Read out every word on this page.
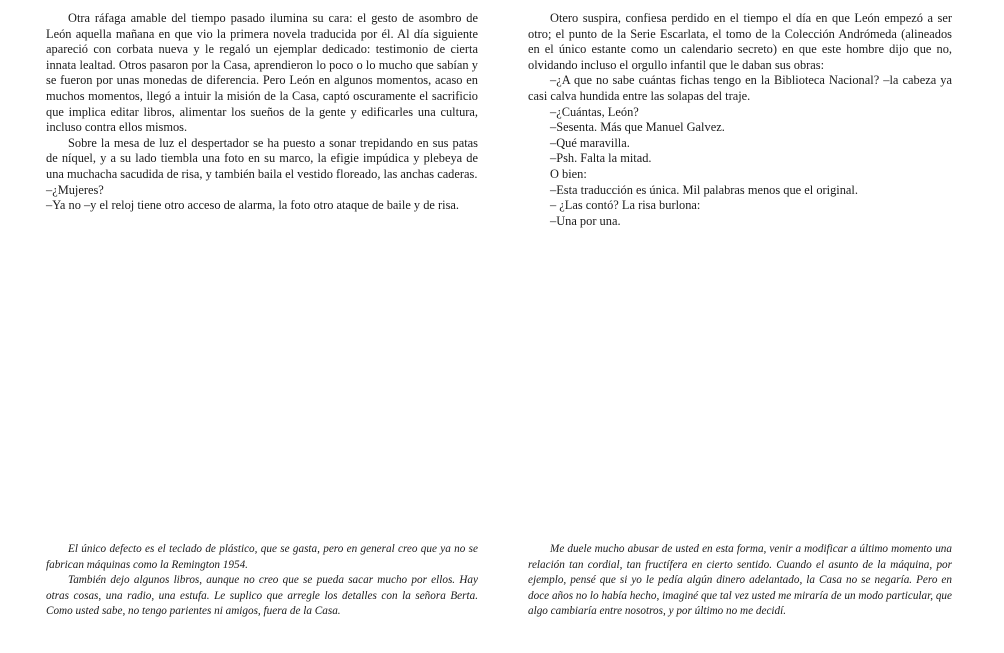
Otra ráfaga amable del tiempo pasado ilumina su cara: el gesto de asombro de León aquella mañana en que vio la primera novela traducida por él. Al día siguiente apareció con corbata nueva y le regaló un ejemplar dedicado: testimonio de cierta innata lealtad. Otros pasaron por la Casa, aprendieron lo poco o lo mucho que sabían y se fueron por unas monedas de diferencia. Pero León en algunos momentos, acaso en muchos momentos, llegó a intuir la misión de la Casa, captó oscuramente el sacrificio que implica editar libros, alimentar los sueños de la gente y edificarles una cultura, incluso contra ellos mismos.

Sobre la mesa de luz el despertador se ha puesto a sonar trepidando en sus patas de níquel, y a su lado tiembla una foto en su marco, la efigie impúdica y plebeya de una muchacha sacudida de risa, y también baila el vestido floreado, las anchas caderas.

–¿Mujeres?

–Ya no –y el reloj tiene otro acceso de alarma, la foto otro ataque de baile y de risa.

El único defecto es el teclado de plástico, que se gasta, pero en general creo que ya no se fabrican máquinas como la Remington 1954.

También dejo algunos libros, aunque no creo que se pueda sacar mucho por ellos. Hay otras cosas, una radio, una estufa. Le suplico que arregle los detalles con la señora Berta. Como usted sabe, no tengo parientes ni amigos, fuera de la Casa.

Otero suspira, confiesa perdido en el tiempo el día en que León empezó a ser otro; el punto de la Serie Escarlata, el tomo de la Colección Andrómeda (alineados en el único estante como un calendario secreto) en que este hombre dijo que no, olvidando incluso el orgullo infantil que le daban sus obras:

–¿A que no sabe cuántas fichas tengo en la Biblioteca Nacional? –la cabeza ya casi calva hundida entre las solapas del traje.

–¿Cuántas, León?

–Sesenta. Más que Manuel Galvez.

–Qué maravilla.

–Psh. Falta la mitad.

O bien:

–Esta traducción es única. Mil palabras menos que el original.

– ¿Las contó? La risa burlona:

–Una por una.

Me duele mucho abusar de usted en esta forma, venir a modificar a último momento una relación tan cordial, tan fructífera en cierto sentido. Cuando el asunto de la máquina, por ejemplo, pensé que si yo le pedía algún dinero adelantado, la Casa no se negaría. Pero en doce años no lo había hecho, imaginé que tal vez usted me miraría de un modo particular, que algo cambiaría entre nosotros, y por último no me decidí.
